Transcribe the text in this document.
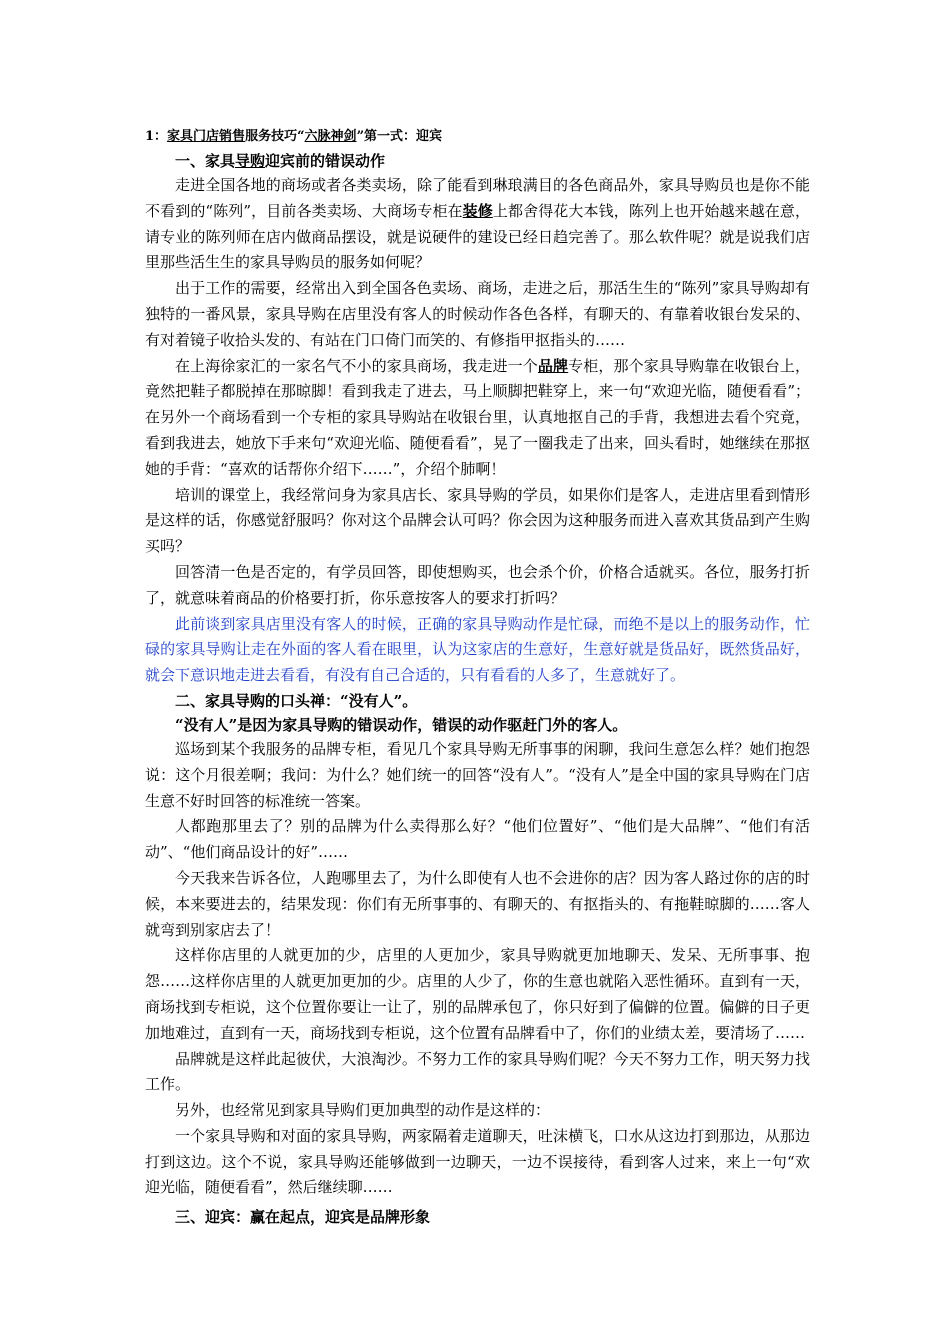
1：家具门店销售服务技巧“六脉神剑”第一式：迎宾
一、家具导购迎宾前的错误动作

走进全国各地的商场或者各类卖场，除了能看到琳琅满目的各色商品外，家具导购员也是你不能不看到的“陈列”，目前各类卖场、大商场专柜在装修上都舍得花大本钱，陈列上也开始越来越在意，请专业的陈列师在店内做商品摆设，就是说硬件的建设已经日趋完善了。那么软件呢？就是说我们店里那些活生生的家具导购员的服务如何呢？

出于工作的需要，经常出入到全国各色卖场、商场，走进之后，那活生生的“陈列”家具导购却有独特的一番风景，家具导购在店里没有客人的时候动作各色各样，有聊天的、有靠着收银台发呆的、有对着镜子收拾头发的、有站在门口倚门而笑的、有修指甲抠指头的……

在上海徐家汇的一家名气不小的家具商场，我走进一个品牌专柜，那个家具导购靠在收银台上，竟然把鞋子都脱掉在那晾脚！看到我走了进去，马上顺脚把鞋穿上，来一句“欢迎光临，随便看看”；在另外一个商场看到一个专柜的家具导购站在收银台里，认真地抠自己的手背，我想进去看个究竟，看到我进去，她放下手来句“欢迎光临、随便看看”，晃了一圈我走了出来，回头看时，她继续在那抠她的手背：“喜欢的话帮你介绍下……”，介绍个肺啊！

培训的课堂上，我经常问身为家具店长、家具导购的学员，如果你们是客人，走进店里看到情形是这样的话，你感觉舒服吗？你对这个品牌会认可吗？你会因为这种服务而进入喜欢其货品到产生购买吗？

回答清一色是否定的，有学员回答，即使想购买，也会杀个价，价格合适就买。各位，服务打折了，就意味着商品的价格要打折，你乐意按客人的要求打折吗？

此前谈到家具店里没有客人的时候，正确的家具导购动作是忙碌，而绝不是以上的服务动作，忙碌的家具导购让走在外面的客人看在眼里，认为这家店的生意好，生意好就是货品好，既然货品好，就会下意识地走进去看看，有没有自己合适的，只有看看的人多了，生意就好了。

二、家具导购的口头禅：“没有人”。
“没有人”是因为家具导购的错误动作，错误的动作驱赶门外的客人。

巡场到某个我服务的品牌专柜，看见几个家具导购无所事事的闲聊，我问生意怎么样？她们抱怨说：这个月很差啊；我问：为什么？她们统一的回答“没有人”。“没有人”是全中国的家具导购在门店生意不好时回答的标准统一答案。

人都跑那里去了？别的品牌为什么卖得那么好？“他们位置好”、“他们是大品牌”、“他们有活动”、“他们商品设计的好”……

今天我来告诉各位，人跑哪里去了，为什么即使有人也不会进你的店？因为客人路过你的店的时候，本来要进去的，结果发现：你们有无所事事的、有聊天的、有抠指头的、有拖鞋晾脚的……客人就弯到别家店去了！

这样你店里的人就更加的少，店里的人更加少，家具导购就更加地聊天、发呆、无所事事、抱怨……这样你店里的人就更加更加的少。店里的人少了，你的生意也就陷入恶性循环。直到有一天，商场找到专柜说，这个位置你要让一让了，别的品牌承包了，你只好到了偏僻的位置。偏僻的日子更加地难过，直到有一天，商场找到专柜说，这个位置有品牌看中了，你们的业绩太差，要清场了……

品牌就是这样此起彼伏，大浪淘沙。不努力工作的家具导购们呢？今天不努力工作，明天努力找工作。

另外，也经常见到家具导购们更加典型的动作是这样的：

一个家具导购和对面的家具导购，两家隔着走道聊天，吐沫横飞，口水从这边打到那边，从那边打到这边。这个不说，家具导购还能够做到一边聊天，一边不误接待，看到客人过来，来上一句“欢迎光临，随便看看”，然后继续聊……

三、迎宾：赢在起点，迎宾是品牌形象
